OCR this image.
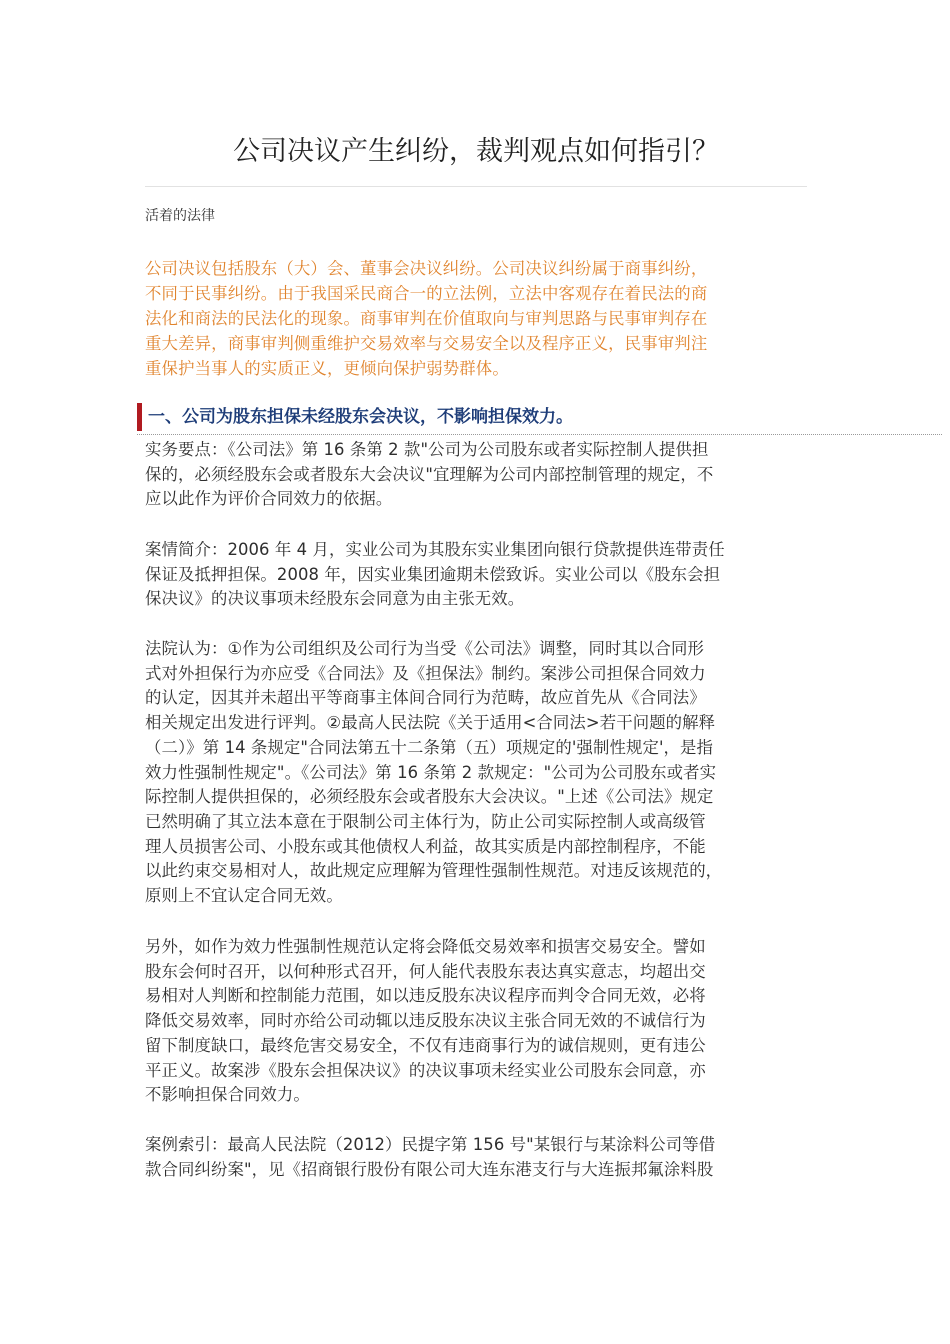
公司决议产生纠纷，裁判观点如何指引？
活着的法律

公司决议包括股东（大）会、董事会决议纠纷。公司决议纠纷属于商事纠纷，
不同于民事纠纷。由于我国采民商合一的立法例，立法中客观存在着民法的商
法化和商法的民法化的现象。商事审判在价值取向与审判思路与民事审判存在
重大差异，商事审判侧重维护交易效率与交易安全以及程序正义，民事审判注
重保护当事人的实质正义，更倾向保护弱势群体。

一、公司为股东担保未经股东会决议，不影响担保效力。

实务要点：《公司法》第 16 条第 2 款"公司为公司股东或者实际控制人提供担
保的，必须经股东会或者股东大会决议"宜理解为公司内部控制管理的规定，不
应以此作为评价合同效力的依据。

案情简介：2006 年 4 月，实业公司为其股东实业集团向银行贷款提供连带责任
保证及抵押担保。2008 年，因实业集团逾期未偿致诉。实业公司以《股东会担
保决议》的决议事项未经股东会同意为由主张无效。

法院认为：①作为公司组织及公司行为当受《公司法》调整，同时其以合同形
式对外担保行为亦应受《合同法》及《担保法》制约。案涉公司担保合同效力
的认定，因其并未超出平等商事主体间合同行为范畴，故应首先从《合同法》
相关规定出发进行评判。②最高人民法院《关于适用<合同法>若干问题的解释
（二）》第 14 条规定"合同法第五十二条第（五）项规定的'强制性规定'，是指
效力性强制性规定"。《公司法》第 16 条第 2 款规定："公司为公司股东或者实
际控制人提供担保的，必须经股东会或者股东大会决议。"上述《公司法》规定
已然明确了其立法本意在于限制公司主体行为，防止公司实际控制人或高级管
理人员损害公司、小股东或其他债权人利益，故其实质是内部控制程序，不能
以此约束交易相对人，故此规定应理解为管理性强制性规范。对违反该规范的，
原则上不宜认定合同无效。

另外，如作为效力性强制性规范认定将会降低交易效率和损害交易安全。譬如
股东会何时召开，以何种形式召开，何人能代表股东表达真实意志，均超出交
易相对人判断和控制能力范围，如以违反股东决议程序而判令合同无效，必将
降低交易效率，同时亦给公司动辄以违反股东决议主张合同无效的不诚信行为
留下制度缺口，最终危害交易安全，不仅有违商事行为的诚信规则，更有违公
平正义。故案涉《股东会担保决议》的决议事项未经实业公司股东会同意，亦
不影响担保合同效力。

案例索引：最高人民法院（2012）民提字第 156 号"某银行与某涂料公司等借
款合同纠纷案"，见《招商银行股份有限公司大连东港支行与大连振邦氟涂料股
